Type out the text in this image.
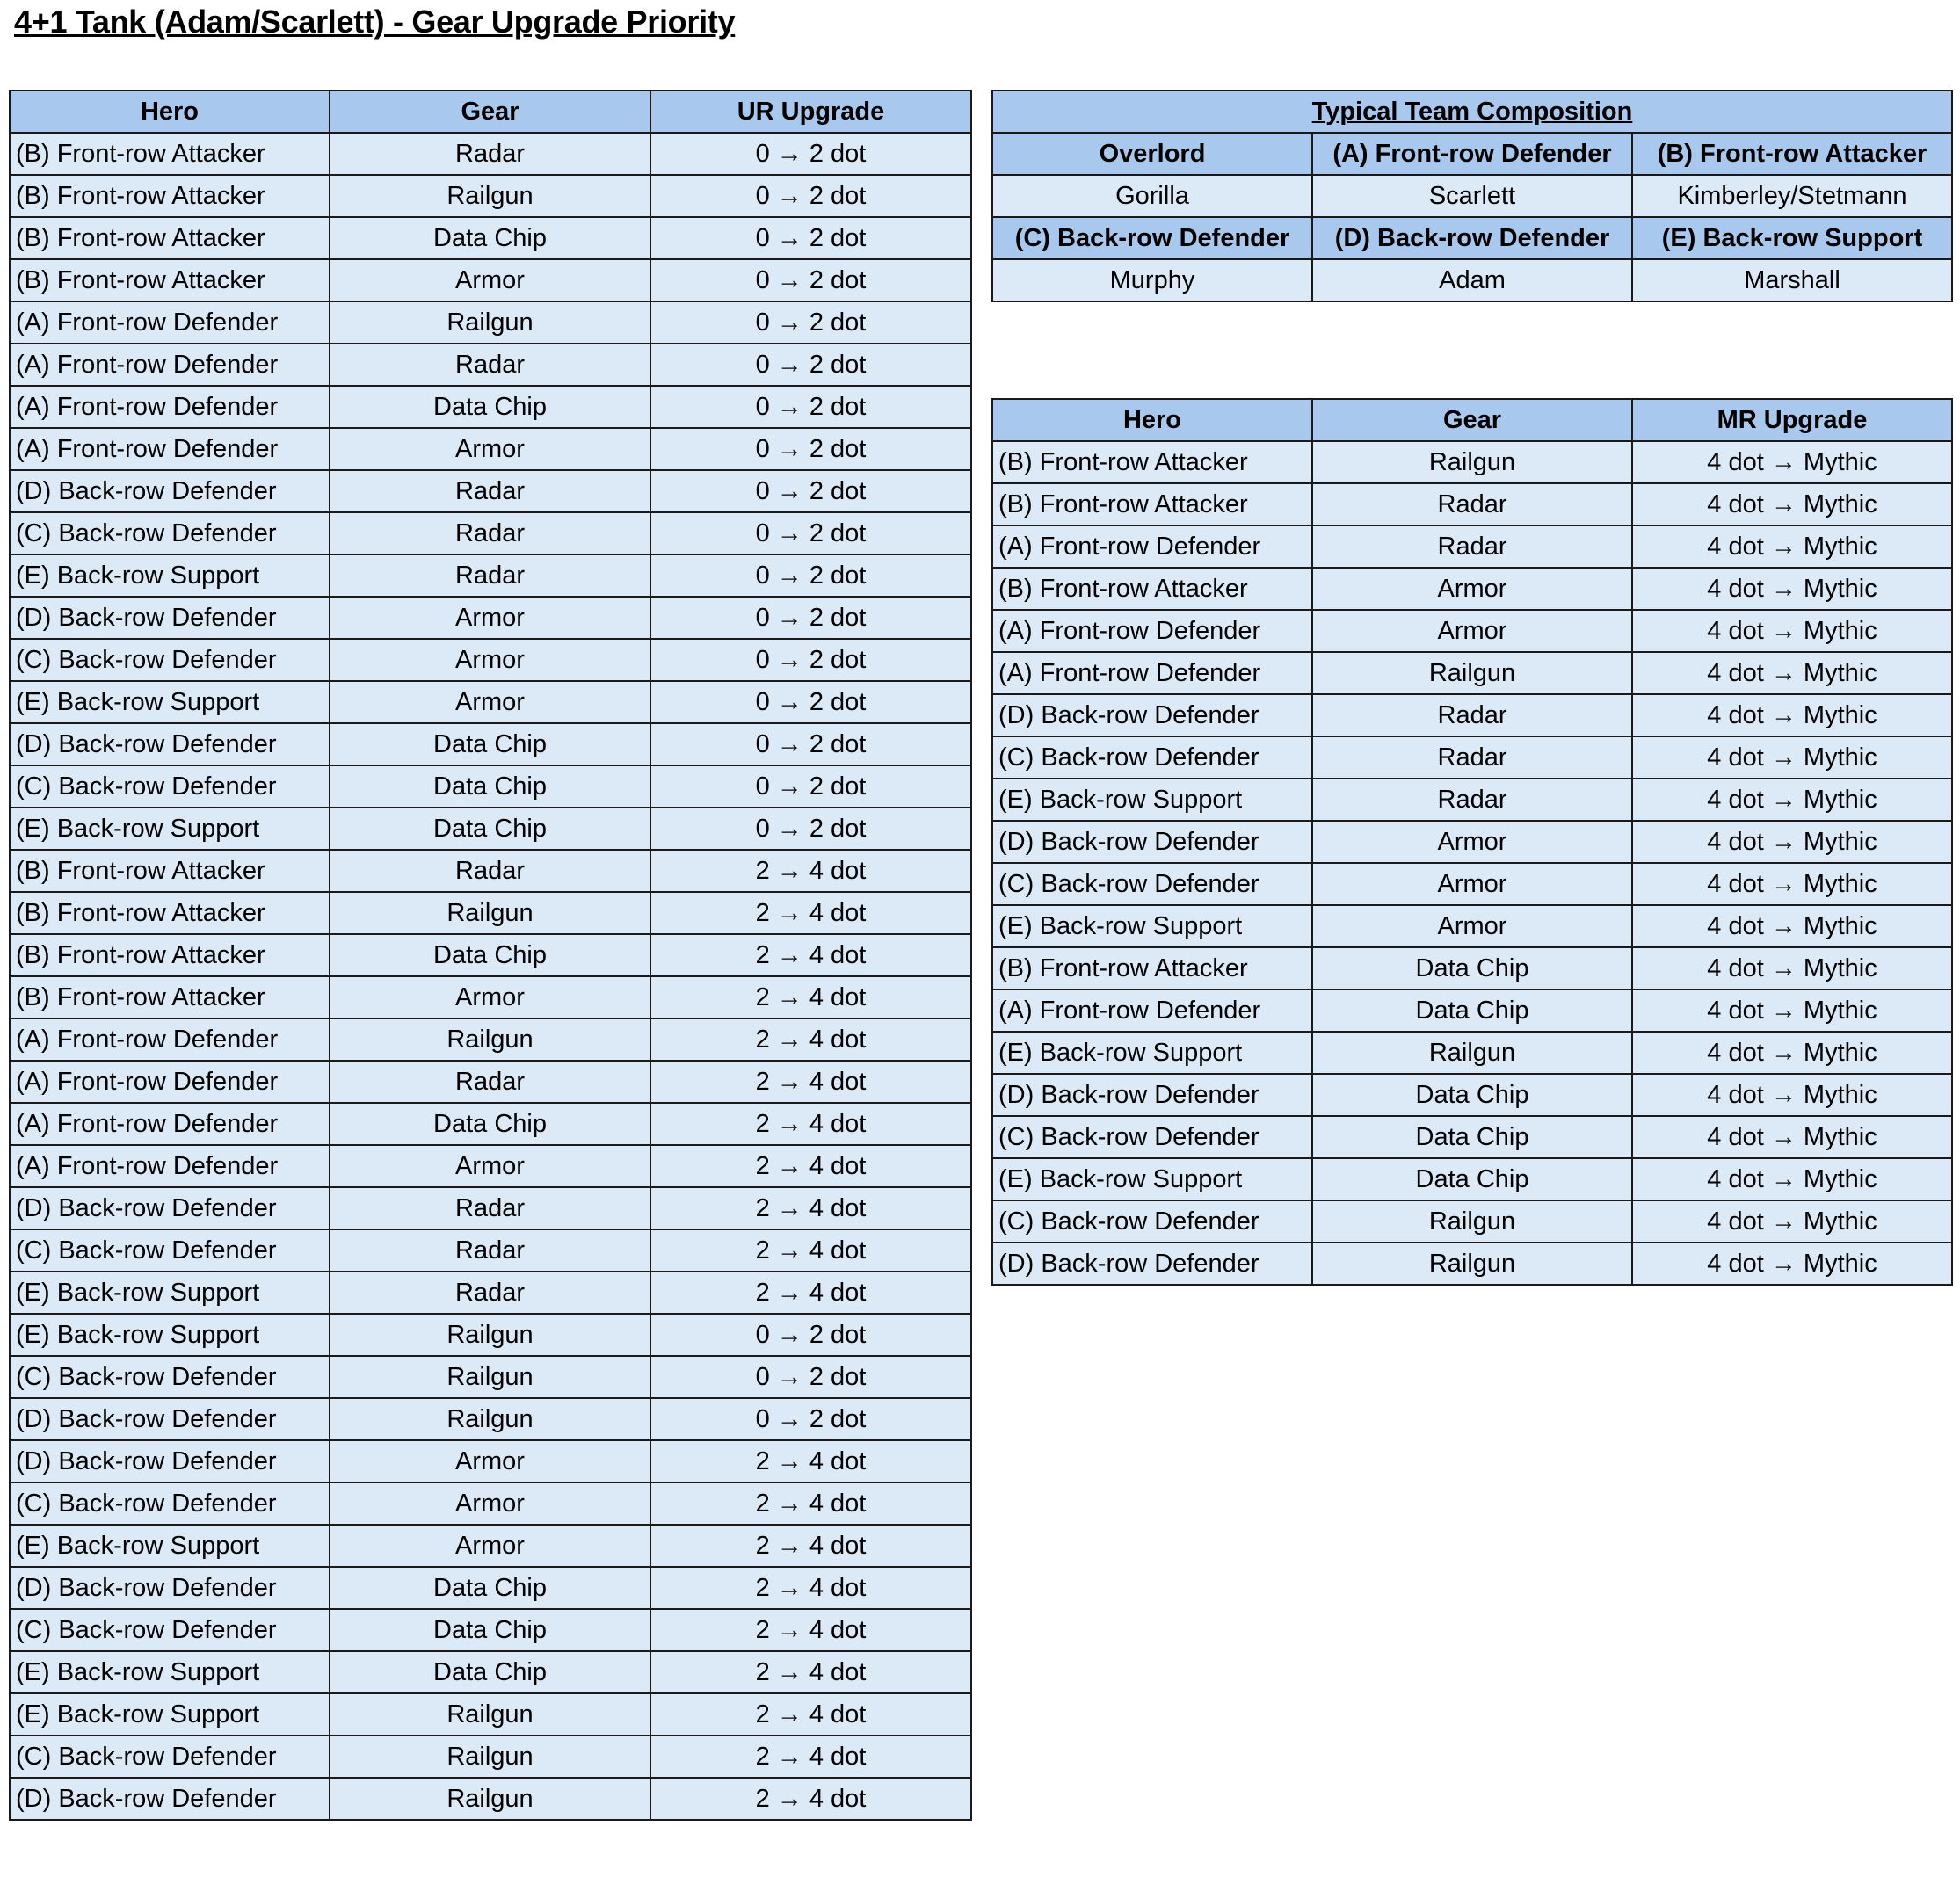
4+1 Tank (Adam/Scarlett) - Gear Upgrade Priority
Hero	Gear	UR Upgrade
(B) Front-row Attacker	Radar	0 → 2 dot
(B) Front-row Attacker	Railgun	0 → 2 dot
(B) Front-row Attacker	Data Chip	0 → 2 dot
(B) Front-row Attacker	Armor	0 → 2 dot
(A) Front-row Defender	Railgun	0 → 2 dot
(A) Front-row Defender	Radar	0 → 2 dot
(A) Front-row Defender	Data Chip	0 → 2 dot
(A) Front-row Defender	Armor	0 → 2 dot
(D) Back-row Defender	Radar	0 → 2 dot
(C) Back-row Defender	Radar	0 → 2 dot
(E) Back-row Support	Radar	0 → 2 dot
(D) Back-row Defender	Armor	0 → 2 dot
(C) Back-row Defender	Armor	0 → 2 dot
(E) Back-row Support	Armor	0 → 2 dot
(D) Back-row Defender	Data Chip	0 → 2 dot
(C) Back-row Defender	Data Chip	0 → 2 dot
(E) Back-row Support	Data Chip	0 → 2 dot
(B) Front-row Attacker	Radar	2 → 4 dot
(B) Front-row Attacker	Railgun	2 → 4 dot
(B) Front-row Attacker	Data Chip	2 → 4 dot
(B) Front-row Attacker	Armor	2 → 4 dot
(A) Front-row Defender	Railgun	2 → 4 dot
(A) Front-row Defender	Radar	2 → 4 dot
(A) Front-row Defender	Data Chip	2 → 4 dot
(A) Front-row Defender	Armor	2 → 4 dot
(D) Back-row Defender	Radar	2 → 4 dot
(C) Back-row Defender	Radar	2 → 4 dot
(E) Back-row Support	Radar	2 → 4 dot
(E) Back-row Support	Railgun	0 → 2 dot
(C) Back-row Defender	Railgun	0 → 2 dot
(D) Back-row Defender	Railgun	0 → 2 dot
(D) Back-row Defender	Armor	2 → 4 dot
(C) Back-row Defender	Armor	2 → 4 dot
(E) Back-row Support	Armor	2 → 4 dot
(D) Back-row Defender	Data Chip	2 → 4 dot
(C) Back-row Defender	Data Chip	2 → 4 dot
(E) Back-row Support	Data Chip	2 → 4 dot
(E) Back-row Support	Railgun	2 → 4 dot
(C) Back-row Defender	Railgun	2 → 4 dot
(D) Back-row Defender	Railgun	2 → 4 dot
Typical Team Composition		
Overlord	(A) Front-row Defender	(B) Front-row Attacker
Gorilla	Scarlett	Kimberley/Stetmann
(C) Back-row Defender	(D) Back-row Defender	(E) Back-row Support
Murphy	Adam	Marshall
Hero	Gear	MR Upgrade
(B) Front-row Attacker	Railgun	4 dot → Mythic
(B) Front-row Attacker	Radar	4 dot → Mythic
(A) Front-row Defender	Radar	4 dot → Mythic
(B) Front-row Attacker	Armor	4 dot → Mythic
(A) Front-row Defender	Armor	4 dot → Mythic
(A) Front-row Defender	Railgun	4 dot → Mythic
(D) Back-row Defender	Radar	4 dot → Mythic
(C) Back-row Defender	Radar	4 dot → Mythic
(E) Back-row Support	Radar	4 dot → Mythic
(D) Back-row Defender	Armor	4 dot → Mythic
(C) Back-row Defender	Armor	4 dot → Mythic
(E) Back-row Support	Armor	4 dot → Mythic
(B) Front-row Attacker	Data Chip	4 dot → Mythic
(A) Front-row Defender	Data Chip	4 dot → Mythic
(E) Back-row Support	Railgun	4 dot → Mythic
(D) Back-row Defender	Data Chip	4 dot → Mythic
(C) Back-row Defender	Data Chip	4 dot → Mythic
(E) Back-row Support	Data Chip	4 dot → Mythic
(C) Back-row Defender	Railgun	4 dot → Mythic
(D) Back-row Defender	Railgun	4 dot → Mythic
